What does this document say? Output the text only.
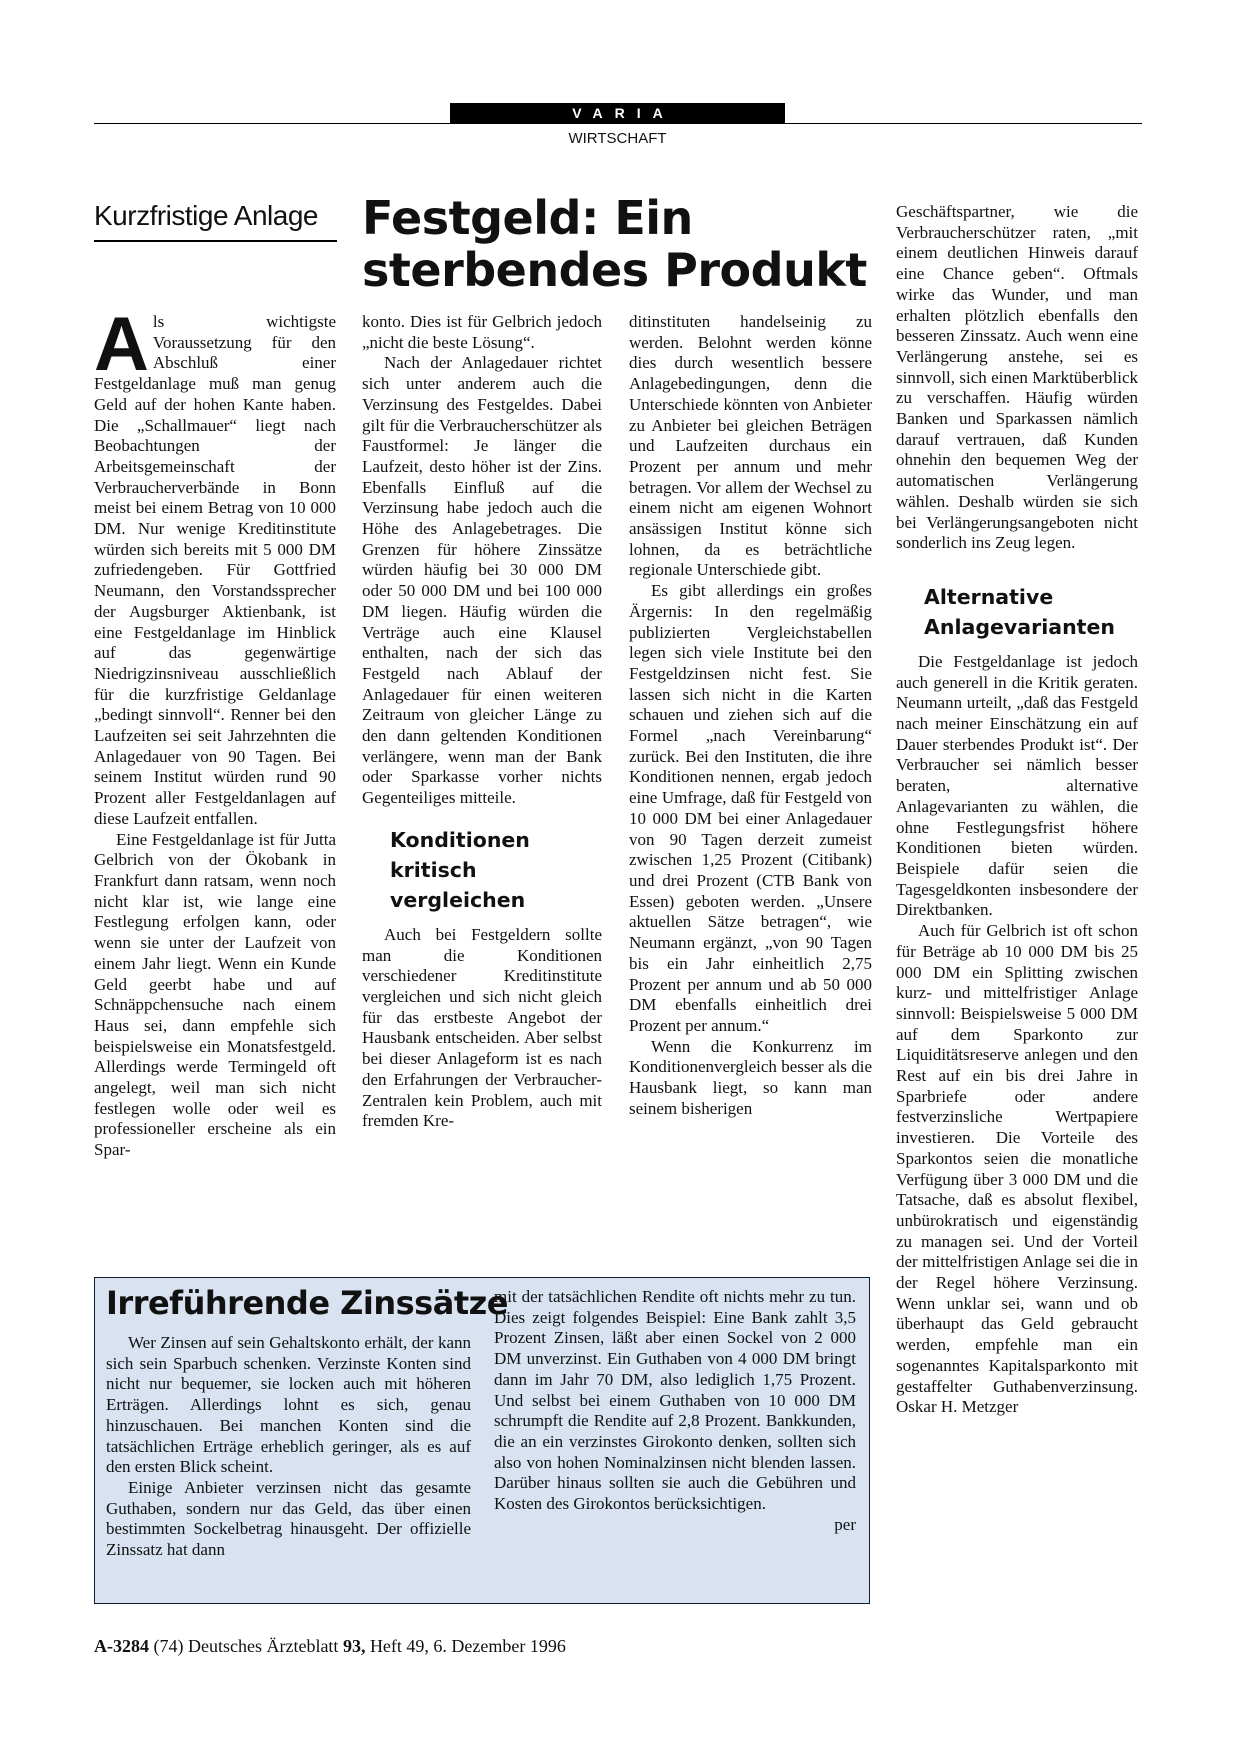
VARIA
WIRTSCHAFT
Kurzfristige Anlage Festgeld: Ein
sterbendes Produkt

Als wichtigste Voraussetzung für den Abschluß einer Festgeldanlage muß man genug Geld auf der hohen Kante haben. Die „Schallmauer“ liegt nach Beobachtungen der Arbeitsgemeinschaft der Verbraucherverbände in Bonn meist bei einem Betrag von 10 000 DM. Nur wenige Kreditinstitute würden sich bereits mit 5 000 DM zufriedengeben. Für Gottfried Neumann, den Vorstandssprecher der Augsburger Aktienbank, ist eine Festgeldanlage im Hinblick auf das gegenwärtige Niedrigzinsniveau ausschließlich für die kurzfristige Geldanlage „bedingt sinnvoll“. Renner bei den Laufzeiten sei seit Jahrzehnten die Anlagedauer von 90 Tagen. Bei seinem Institut würden rund 90 Prozent aller Festgeldanlagen auf diese Laufzeit entfallen.

Eine Festgeldanlage ist für Jutta Gelbrich von der Ökobank in Frankfurt dann ratsam, wenn noch nicht klar ist, wie lange eine Festlegung erfolgen kann, oder wenn sie unter der Laufzeit von einem Jahr liegt. Wenn ein Kunde Geld geerbt habe und auf Schnäppchensuche nach einem Haus sei, dann empfehle sich beispielsweise ein Monatsfestgeld. Allerdings werde Termingeld oft angelegt, weil man sich nicht festlegen wolle oder weil es professioneller erscheine als ein Spar-

konto. Dies ist für Gelbrich jedoch „nicht die beste Lösung“.

Nach der Anlagedauer richtet sich unter anderem auch die Verzinsung des Festgeldes. Dabei gilt für die Verbraucherschützer als Faustformel: Je länger die Laufzeit, desto höher ist der Zins. Ebenfalls Einfluß auf die Verzinsung habe jedoch auch die Höhe des Anlagebetrages. Die Grenzen für höhere Zinssätze würden häufig bei 30 000 DM oder 50 000 DM und bei 100 000 DM liegen. Häufig würden die Verträge auch eine Klausel enthalten, nach der sich das Festgeld nach Ablauf der Anlagedauer für einen weiteren Zeitraum von gleicher Länge zu den dann geltenden Konditionen verlängere, wenn man der Bank oder Sparkasse vorher nichts Gegenteiliges mitteile.

Konditionen kritisch vergleichen

Auch bei Festgeldern sollte man die Konditionen verschiedener Kreditinstitute vergleichen und sich nicht gleich für das erstbeste Angebot der Hausbank entscheiden. Aber selbst bei dieser Anlageform ist es nach den Erfahrungen der Verbraucher-Zentralen kein Problem, auch mit fremden Kre-

ditinstituten handelseinig zu werden. Belohnt werden könne dies durch wesentlich bessere Anlagebedingungen, denn die Unterschiede könnten von Anbieter zu Anbieter bei gleichen Beträgen und Laufzeiten durchaus ein Prozent per annum und mehr betragen. Vor allem der Wechsel zu einem nicht am eigenen Wohnort ansässigen Institut könne sich lohnen, da es beträchtliche regionale Unterschiede gibt.

Es gibt allerdings ein großes Ärgernis: In den regelmäßig publizierten Vergleichstabellen legen sich viele Institute bei den Festgeldzinsen nicht fest. Sie lassen sich nicht in die Karten schauen und ziehen sich auf die Formel „nach Vereinbarung“ zurück. Bei den Instituten, die ihre Konditionen nennen, ergab jedoch eine Umfrage, daß für Festgeld von 10 000 DM bei einer Anlagedauer von 90 Tagen derzeit zumeist zwischen 1,25 Prozent (Citibank) und drei Prozent (CTB Bank von Essen) geboten werden. „Unsere aktuellen Sätze betragen“, wie Neumann ergänzt, „von 90 Tagen bis ein Jahr einheitlich 2,75 Prozent per annum und ab 50 000 DM ebenfalls einheitlich drei Prozent per annum.“

Wenn die Konkurrenz im Konditionenvergleich besser als die Hausbank liegt, so kann man seinem bisherigen

Geschäftspartner, wie die Verbraucherschützer raten, „mit einem deutlichen Hinweis darauf eine Chance geben“. Oftmals wirke das Wunder, und man erhalten plötzlich ebenfalls den besseren Zinssatz. Auch wenn eine Verlängerung anstehe, sei es sinnvoll, sich einen Marktüberblick zu verschaffen. Häufig würden Banken und Sparkassen nämlich darauf vertrauen, daß Kunden ohnehin den bequemen Weg der automatischen Verlängerung wählen. Deshalb würden sie sich bei Verlängerungsangeboten nicht sonderlich ins Zeug legen.

Alternative Anlagevarianten

Die Festgeldanlage ist jedoch auch generell in die Kritik geraten. Neumann urteilt, „daß das Festgeld nach meiner Einschätzung ein auf Dauer sterbendes Produkt ist“. Der Verbraucher sei nämlich besser beraten, alternative Anlagevarianten zu wählen, die ohne Festlegungsfrist höhere Konditionen bieten würden. Beispiele dafür seien die Tagesgeldkonten insbesondere der Direktbanken.

Auch für Gelbrich ist oft schon für Beträge ab 10 000 DM bis 25 000 DM ein Splitting zwischen kurz- und mittelfristiger Anlage sinnvoll: Beispielsweise 5 000 DM auf dem Sparkonto zur Liquiditätsreserve anlegen und den Rest auf ein bis drei Jahre in Sparbriefe oder andere festverzinsliche Wertpapiere investieren. Die Vorteile des Sparkontos seien die monatliche Verfügung über 3 000 DM und die Tatsache, daß es absolut flexibel, unbürokratisch und eigenständig zu managen sei. Und der Vorteil der mittelfristigen Anlage sei die in der Regel höhere Verzinsung. Wenn unklar sei, wann und ob überhaupt das Geld gebraucht werden, empfehle man ein sogenanntes Kapitalsparkonto mit gestaffelter Guthabenverzinsung. Oskar H. Metzger

Irreführende Zinssätze

Wer Zinsen auf sein Gehaltskonto erhält, der kann sich sein Sparbuch schenken. Verzinste Konten sind nicht nur bequemer, sie locken auch mit höheren Erträgen. Allerdings lohnt es sich, genau hinzuschauen. Bei manchen Konten sind die tatsächlichen Erträge erheblich geringer, als es auf den ersten Blick scheint.

Einige Anbieter verzinsen nicht das gesamte Guthaben, sondern nur das Geld, das über einen bestimmten Sockelbetrag hinausgeht. Der offizielle Zinssatz hat dann

mit der tatsächlichen Rendite oft nichts mehr zu tun. Dies zeigt folgendes Beispiel: Eine Bank zahlt 3,5 Prozent Zinsen, läßt aber einen Sockel von 2 000 DM unverzinst. Ein Guthaben von 4 000 DM bringt dann im Jahr 70 DM, also lediglich 1,75 Prozent. Und selbst bei einem Guthaben von 10 000 DM schrumpft die Rendite auf 2,8 Prozent. Bankkunden, die an ein verzinstes Girokonto denken, sollten sich also von hohen Nominalzinsen nicht blenden lassen. Darüber hinaus sollten sie auch die Gebühren und Kosten des Girokontos berücksichtigen.

per

A-3284 (74) Deutsches Ärzteblatt 93, Heft 49, 6. Dezember 1996
